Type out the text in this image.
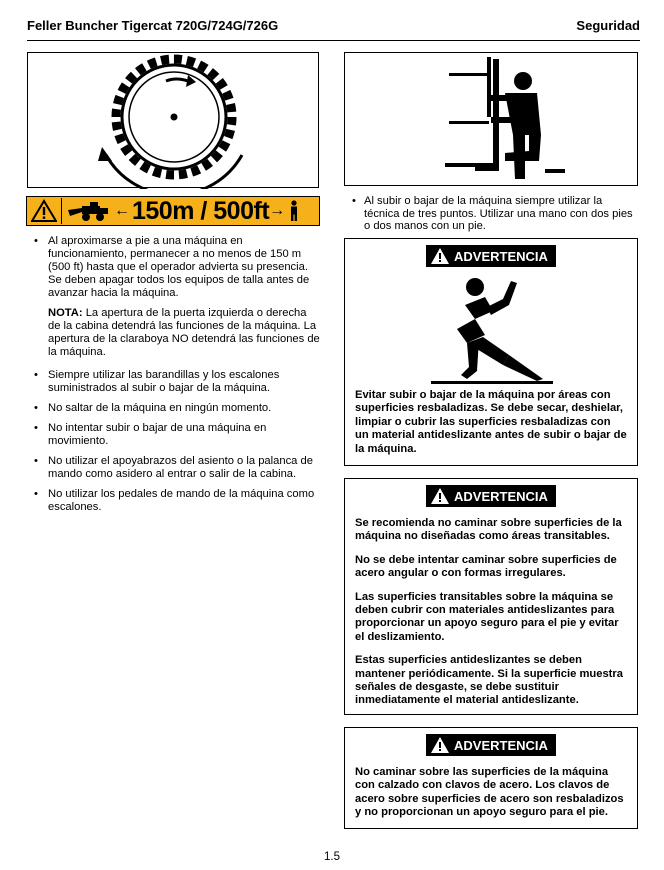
Feller Buncher Tigercat 720G/724G/726G	Seguridad
← 150m / 500ft →
• Al aproximarse a pie a una máquina en funcionamiento, permanecer a no menos de 150 m (500 ft) hasta que el operador advierta su presencia. Se deben apagar todos los equipos de talla antes de avanzar hacia la máquina.
NOTA: La apertura de la puerta izquierda o derecha de la cabina detendrá las funciones de la máquina. La apertura de la claraboya NO detendrá las funciones de la máquina.
• Siempre utilizar las barandillas y los escalones suministrados al subir o bajar de la máquina.
• No saltar de la máquina en ningún momento.
• No intentar subir o bajar de una máquina en movimiento.
• No utilizar el apoyabrazos del asiento o la palanca de mando como asidero al entrar o salir de la cabina.
• No utilizar los pedales de mando de la máquina como escalones.
• Al subir o bajar de la máquina siempre utilizar la técnica de tres puntos. Utilizar una mano con dos pies o dos manos con un pie.
ADVERTENCIA

Evitar subir o bajar de la máquina por áreas con superficies resbaladizas. Se debe secar, deshielar, limpiar o cubrir las superficies resbaladizas con un material antideslizante antes de subir o bajar de la máquina.

ADVERTENCIA

Se recomienda no caminar sobre superficies de la máquina no diseñadas como áreas transitables.

No se debe intentar caminar sobre superficies de acero angular o con formas irregulares.

Las superficies transitables sobre la máquina se deben cubrir con materiales antideslizantes para proporcionar un apoyo seguro para el pie y evitar el deslizamiento.

Estas superficies antideslizantes se deben mantener periódicamente. Si la superficie muestra señales de desgaste, se debe sustituir inmediatamente el material antideslizante.

ADVERTENCIA

No caminar sobre las superficies de la máquina con calzado con clavos de acero. Los clavos de acero sobre superficies de acero son resbaladizos y no proporcionan un apoyo seguro para el pie.

1.5
